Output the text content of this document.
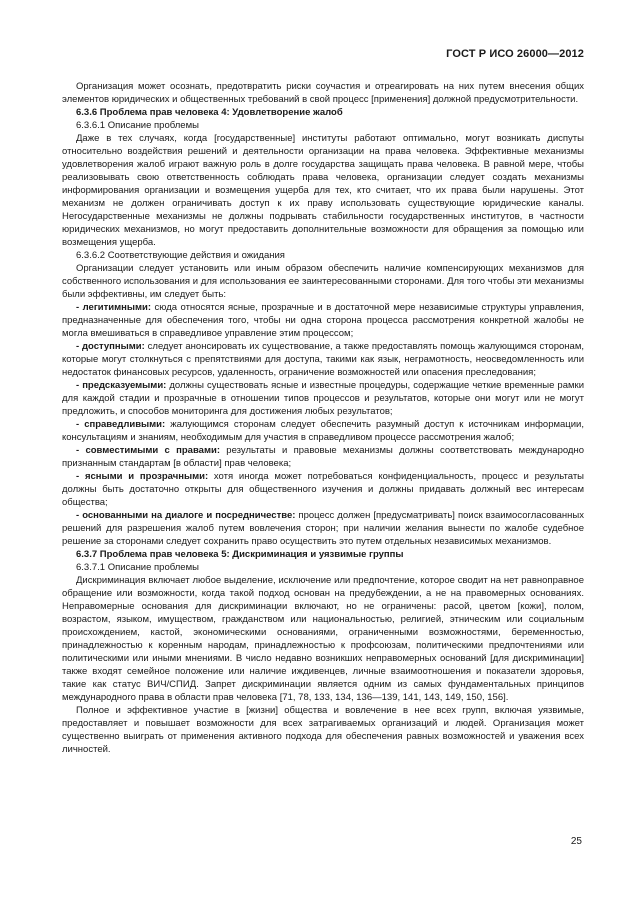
ГОСТ Р ИСО 26000—2012

Организация может осознать, предотвратить риски соучастия и отреагировать на них путем внесения общих элементов юридических и общественных требований в свой процесс [применения] должной предусмотрительности.

6.3.6 Проблема прав человека 4: Удовлетворение жалоб

6.3.6.1 Описание проблемы

Даже в тех случаях, когда [государственные] институты работают оптимально, могут возникать диспуты относительно воздействия решений и деятельности организации на права человека. Эффективные механизмы удовлетворения жалоб играют важную роль в долге государства защищать права человека. В равной мере, чтобы реализовывать свою ответственность соблюдать права человека, организации следует создать механизмы информирования организации и возмещения ущерба для тех, кто считает, что их права были нарушены. Этот механизм не должен ограничивать доступ к их праву использовать существующие юридические каналы. Негосударственные механизмы не должны подрывать стабильности государственных институтов, в частности юридических механизмов, но могут предоставить дополнительные возможности для обращения за помощью или возмещения ущерба.

6.3.6.2 Соответствующие действия и ожидания

Организации следует установить или иным образом обеспечить наличие компенсирующих механизмов для собственного использования и для использования ее заинтересованными сторонами. Для того чтобы эти механизмы были эффективны, им следует быть:

- легитимными: сюда относятся ясные, прозрачные и в достаточной мере независимые структуры управления, предназначенные для обеспечения того, чтобы ни одна сторона процесса рассмотрения конкретной жалобы не могла вмешиваться в справедливое управление этим процессом;

- доступными: следует анонсировать их существование, а также предоставлять помощь жалующимся сторонам, которые могут столкнуться с препятствиями для доступа, такими как язык, неграмотность, неосведомленность или недостаток финансовых ресурсов, удаленность, ограничение возможностей или опасения преследования;

- предсказуемыми: должны существовать ясные и известные процедуры, содержащие четкие временные рамки для каждой стадии и прозрачные в отношении типов процессов и результатов, которые они могут или не могут предложить, и способов мониторинга для достижения любых результатов;

- справедливыми: жалующимся сторонам следует обеспечить разумный доступ к источникам информации, консультациям и знаниям, необходимым для участия в справедливом процессе рассмотрения жалоб;

- совместимыми с правами: результаты и правовые механизмы должны соответствовать международно признанным стандартам [в области] прав человека;

- ясными и прозрачными: хотя иногда может потребоваться конфиденциальность, процесс и результаты должны быть достаточно открыты для общественного изучения и должны придавать должный вес интересам общества;

- основанными на диалоге и посредничестве: процесс должен [предусматривать] поиск взаимосогласованных решений для разрешения жалоб путем вовлечения сторон; при наличии желания вынести по жалобе судебное решение за сторонами следует сохранить право осуществить это путем отдельных независимых механизмов.

6.3.7 Проблема прав человека 5: Дискриминация и уязвимые группы

6.3.7.1 Описание проблемы

Дискриминация включает любое выделение, исключение или предпочтение, которое сводит на нет равноправное обращение или возможности, когда такой подход основан на предубеждении, а не на правомерных основаниях. Неправомерные основания для дискриминации включают, но не ограничены: расой, цветом [кожи], полом, возрастом, языком, имуществом, гражданством или национальностью, религией, этническим или социальным происхождением, кастой, экономическими основаниями, ограниченными возможностями, беременностью, принадлежностью к коренным народам, принадлежностью к профсоюзам, политическими предпочтениями или политическими или иными мнениями. В число недавно возникших неправомерных оснований [для дискриминации] также входят семейное положение или наличие иждивенцев, личные взаимоотношения и показатели здоровья, такие как статус ВИЧ/СПИД. Запрет дискриминации является одним из самых фундаментальных принципов международного права в области прав человека [71, 78, 133, 134, 136—139, 141, 143, 149, 150, 156].

Полное и эффективное участие в [жизни] общества и вовлечение в нее всех групп, включая уязвимые, предоставляет и повышает возможности для всех затрагиваемых организаций и людей. Организация может существенно выиграть от применения активного подхода для обеспечения равных возможностей и уважения всех личностей.

25
